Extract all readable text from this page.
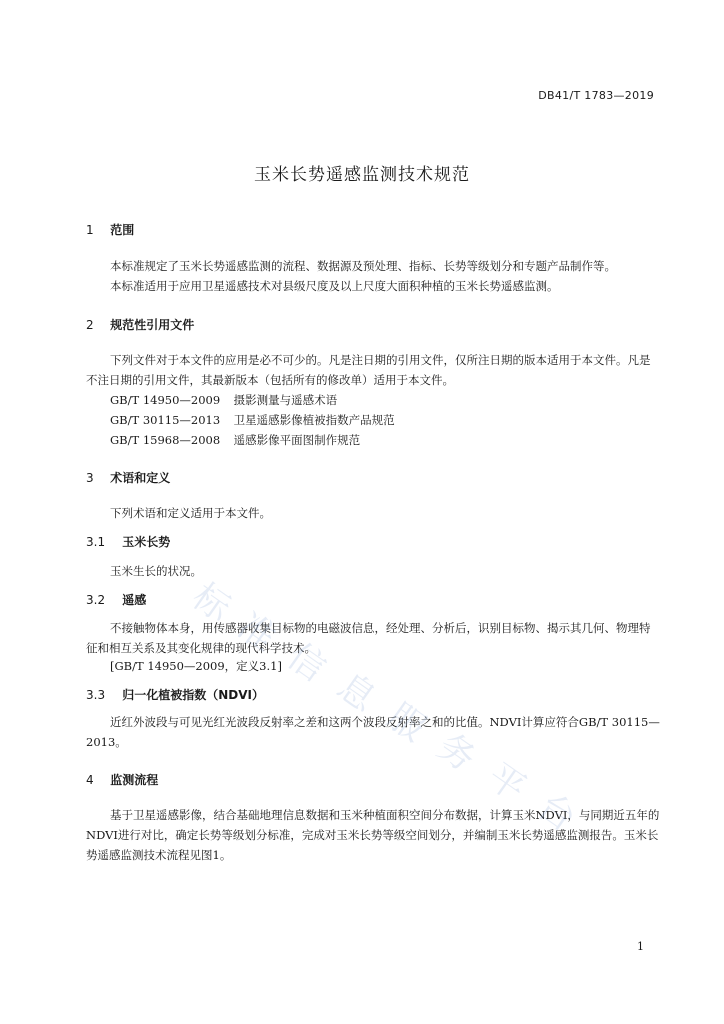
DB41/T 1783—2019
玉米长势遥感监测技术规范
1 范围
本标准规定了玉米长势遥感监测的流程、数据源及预处理、指标、长势等级划分和专题产品制作等。
本标准适用于应用卫星遥感技术对县级尺度及以上尺度大面积种植的玉米长势遥感监测。
2 规范性引用文件
下列文件对于本文件的应用是必不可少的。凡是注日期的引用文件，仅所注日期的版本适用于本文件。凡是不注日期的引用文件，其最新版本（包括所有的修改单）适用于本文件。
GB/T 14950—2009 摄影测量与遥感术语
GB/T 30115—2013 卫星遥感影像植被指数产品规范
GB/T 15968—2008 遥感影像平面图制作规范
3 术语和定义
下列术语和定义适用于本文件。
3.1 玉米长势
玉米生长的状况。
3.2 遥感
不接触物体本身，用传感器收集目标物的电磁波信息，经处理、分析后，识别目标物、揭示其几何、物理特征和相互关系及其变化规律的现代科学技术。
[GB/T 14950—2009，定义3.1]
3.3 归一化植被指数（NDVI）
近红外波段与可见光红光波段反射率之差和这两个波段反射率之和的比值。NDVI计算应符合GB/T 30115—2013。
4 监测流程
基于卫星遥感影像，结合基础地理信息数据和玉米种植面积空间分布数据，计算玉米NDVI，与同期近五年的NDVI进行对比，确定长势等级划分标准，完成对玉米长势等级空间划分，并编制玉米长势遥感监测报告。玉米长势遥感监测技术流程见图1。
1
标
准
信
息
服
务
平
台
